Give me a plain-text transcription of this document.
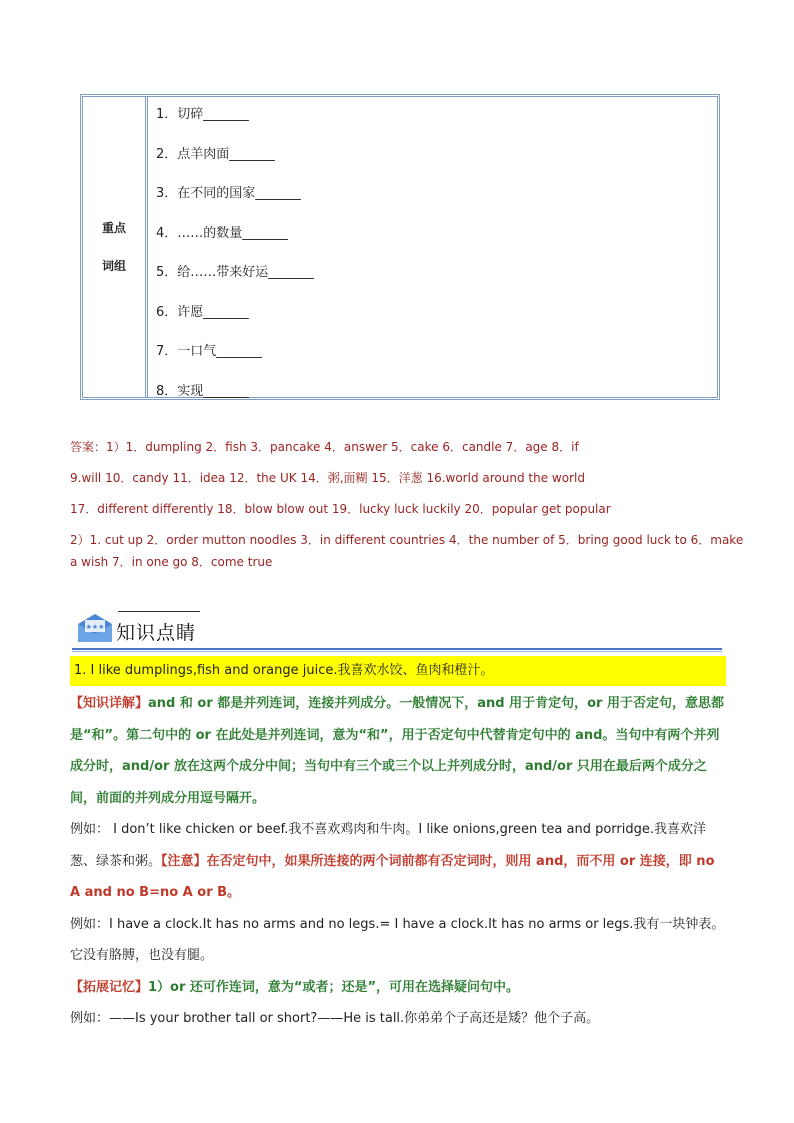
重点
词组
1．切碎_______
2．点羊肉面_______
3．在不同的国家_______
4．……的数量_______
5．给……带来好运_______
6．许愿_______
7．一口气_______
8．实现_______
答案：1）1．dumpling 2．fish 3．pancake 4．answer 5．cake 6．candle 7．age 8．if
9.will 10．candy 11．idea 12．the UK 14．粥,面糊 15．洋葱 16.world around the world
17．different differently 18．blow blow out 19．lucky luck luckily 20．popular get popular
2）1. cut up 2．order mutton noodles 3．in different countries 4．the number of 5．bring good luck to 6．make
a wish 7．in one go 8．come true
★★★ 知识点睛
1. I like dumplings,fish and orange juice.我喜欢水饺、鱼肉和橙汁。
【知识详解】and 和 or 都是并列连词，连接并列成分。一般情况下，and 用于肯定句，or 用于否定句，意思都是“和”。第二句中的 or 在此处是并列连词，意为“和”，用于否定句中代替肯定句中的 and。当句中有两个并列成分时，and/or 放在这两个成分中间；当句中有三个或三个以上并列成分时，and/or 只用在最后两个成分之间，前面的并列成分用逗号隔开。
例如： I don’t like chicken or beef.我不喜欢鸡肉和牛肉。I like onions,green tea and porridge.我喜欢洋葱、绿茶和粥。【注意】在否定句中，如果所连接的两个词前都有否定词时，则用 and，而不用 or 连接，即 no A and no B=no A or B。
例如：I have a clock.It has no arms and no legs.= I have a clock.It has no arms or legs.我有一块钟表。它没有胳膊，也没有腿。
【拓展记忆】1）or 还可作连词，意为“或者；还是”，可用在选择疑问句中。
例如：——Is your brother tall or short?——He is tall.你弟弟个子高还是矮？他个子高。
